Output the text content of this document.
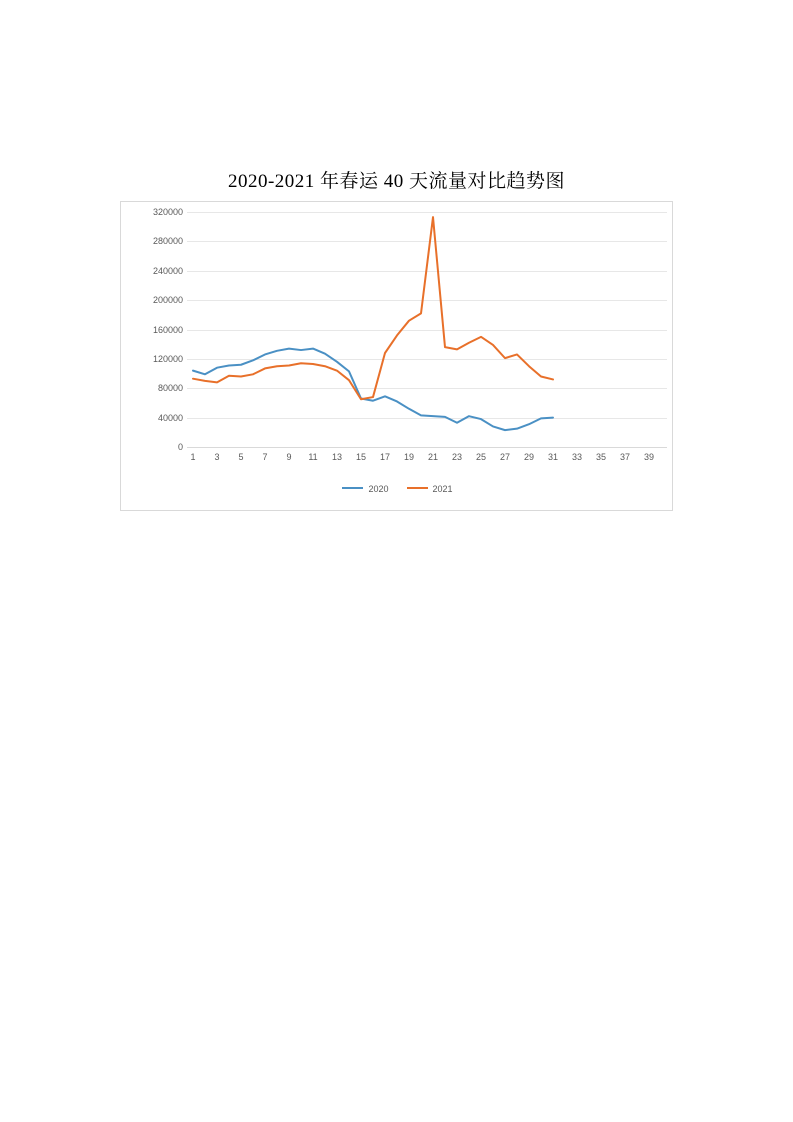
2020-2021 年春运 40 天流量对比趋势图
0
40000
80000
120000
160000
200000
240000
280000
320000
1 3 5 7 9 11 13 15 17 19 21 23 25 27 29 31 33 35 37 39
2020	2021
